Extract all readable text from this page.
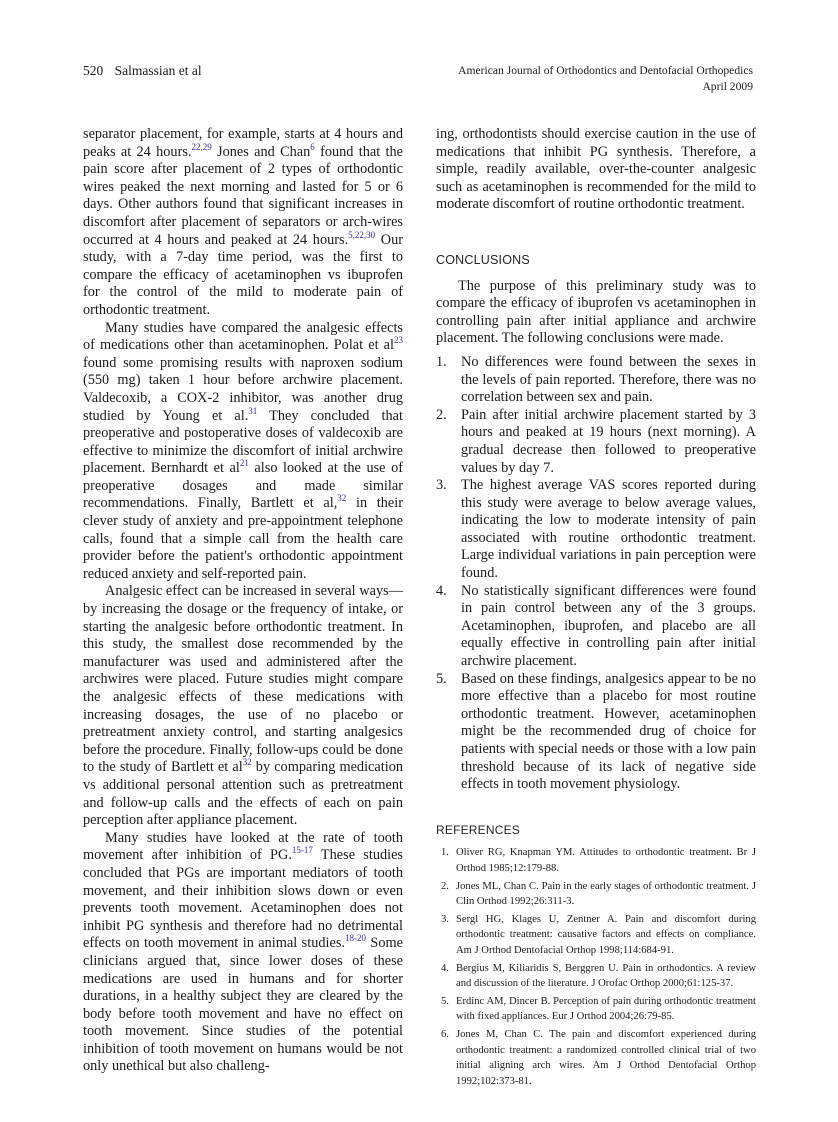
520 Salmassian et al	American Journal of Orthodontics and Dentofacial Orthopedics
April 2009

separator placement, for example, starts at 4 hours and peaks at 24 hours.$^{22,29}$ Jones and Chan$^6$ found that the pain score after placement of 2 types of orthodontic wires peaked the next morning and lasted for 5 or 6 days. Other authors found that significant increases in discomfort after placement of separators or arch-wires occurred at 4 hours and peaked at 24 hours.$^{5,22,30}$ Our study, with a 7-day time period, was the first to compare the efficacy of acetaminophen vs ibuprofen for the control of the mild to moderate pain of orthodontic treatment.

Many studies have compared the analgesic effects of medications other than acetaminophen. Polat et $al^{23}$ found some promising results with naproxen sodium (550 mg) taken 1 hour before archwire placement. Valdecoxib, a COX-2 inhibitor, was another drug studied by Young et al.$^{31}$ They concluded that preoperative and postoperative doses of valdecoxib are effective to minimize the discomfort of initial archwire placement. Bernhardt et $al^{21}$ also looked at the use of preoperative dosages and made similar recommendations. Finally, Bartlett et al,$^{32}$ in their clever study of anxiety and pre-appointment telephone calls, found that a simple call from the health care provider before the patient's orthodontic appointment reduced anxiety and self-reported pain.

Analgesic effect can be increased in several ways—by increasing the dosage or the frequency of intake, or starting the analgesic before orthodontic treatment. In this study, the smallest dose recommended by the manufacturer was used and administered after the archwires were placed. Future studies might compare the analgesic effects of these medications with increasing dosages, the use of no placebo or pretreatment anxiety control, and starting analgesics before the procedure. Finally, follow-ups could be done to the study of Bartlett et $al^{32}$ by comparing medication vs additional personal attention such as pretreatment and follow-up calls and the effects of each on pain perception after appliance placement.

Many studies have looked at the rate of tooth movement after inhibition of PG.$^{15-17}$ These studies concluded that PGs are important mediators of tooth movement, and their inhibition slows down or even prevents tooth movement. Acetaminophen does not inhibit PG synthesis and therefore had no detrimental effects on tooth movement in animal studies.$^{18-20}$ Some clinicians argued that, since lower doses of these medications are used in humans and for shorter durations, in a healthy subject they are cleared by the body before tooth movement and have no effect on tooth movement. Since studies of the potential inhibition of tooth movement on humans would be not only unethical but also challeng-

ing, orthodontists should exercise caution in the use of medications that inhibit PG synthesis. Therefore, a simple, readily available, over-the-counter analgesic such as acetaminophen is recommended for the mild to moderate discomfort of routine orthodontic treatment.

CONCLUSIONS

The purpose of this preliminary study was to compare the efficacy of ibuprofen vs acetaminophen in controlling pain after initial appliance and archwire placement. The following conclusions were made.

1. No differences were found between the sexes in the levels of pain reported. Therefore, there was no correlation between sex and pain.
2. Pain after initial archwire placement started by 3 hours and peaked at 19 hours (next morning). A gradual decrease then followed to preoperative values by day 7.
3. The highest average VAS scores reported during this study were average to below average values, indicating the low to moderate intensity of pain associated with routine orthodontic treatment. Large individual variations in pain perception were found.
4. No statistically significant differences were found in pain control between any of the 3 groups. Acetaminophen, ibuprofen, and placebo are all equally effective in controlling pain after initial archwire placement.
5. Based on these findings, analgesics appear to be no more effective than a placebo for most routine orthodontic treatment. However, acetaminophen might be the recommended drug of choice for patients with special needs or those with a low pain threshold because of its lack of negative side effects in tooth movement physiology.
REFERENCES
1. Oliver RG, Knapman YM. Attitudes to orthodontic treatment. Br J Orthod 1985;12:179-88.
2. Jones ML, Chan C. Pain in the early stages of orthodontic treatment. J Clin Orthod 1992;26:311-3.
3. Sergl HG, Klages U, Zentner A. Pain and discomfort during orthodontic treatment: causative factors and effects on compliance. Am J Orthod Dentofacial Orthop 1998;114:684-91.
4. Bergius M, Kiliaridis S, Berggren U. Pain in orthodontics. A review and discussion of the literature. J Orofac Orthop 2000;61:125-37.
5. Erdinc AM, Dincer B. Perception of pain during orthodontic treatment with fixed appliances. Eur J Orthod 2004;26:79-85.
6. Jones M, Chan C. The pain and discomfort experienced during orthodontic treatment: a randomized controlled clinical trial of two initial aligning arch wires. Am J Orthod Dentofacial Orthop 1992;102:373-81.
